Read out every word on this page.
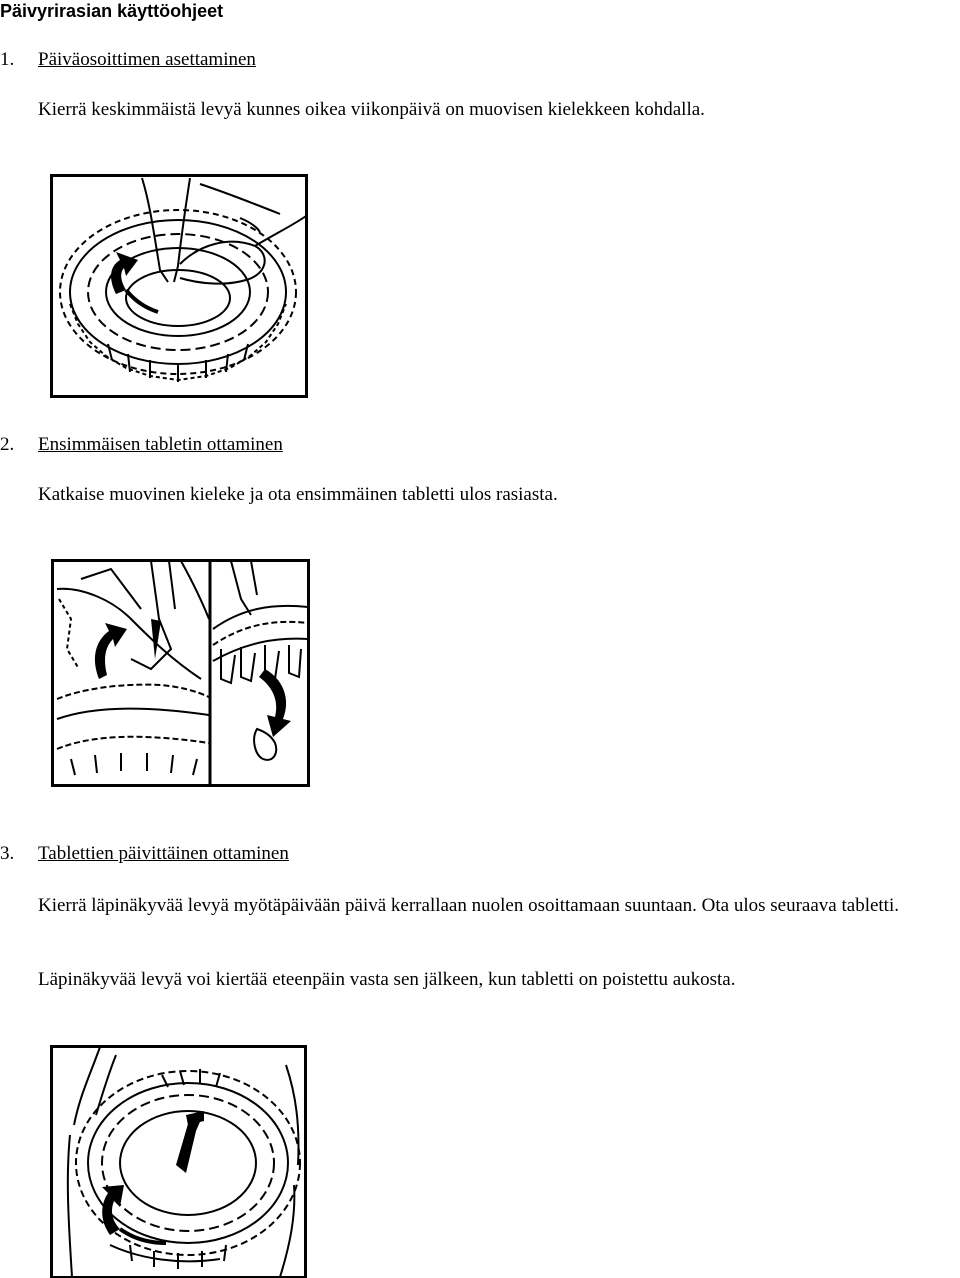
Päivyrirasian käyttöohjeet
1. Päiväosoittimen asettaminen
Kierrä keskimmäistä levyä kunnes oikea viikonpäivä on muovisen kielekkeen kohdalla.
2. Ensimmäisen tabletin ottaminen
Katkaise muovinen kieleke ja ota ensimmäinen tabletti ulos rasiasta.
3. Tablettien päivittäinen ottaminen
Kierrä läpinäkyvää levyä myötäpäivään päivä kerrallaan nuolen osoittamaan suuntaan. Ota ulos seuraava tabletti.
Läpinäkyvää levyä voi kiertää eteenpäin vasta sen jälkeen, kun tabletti on poistettu aukosta.
